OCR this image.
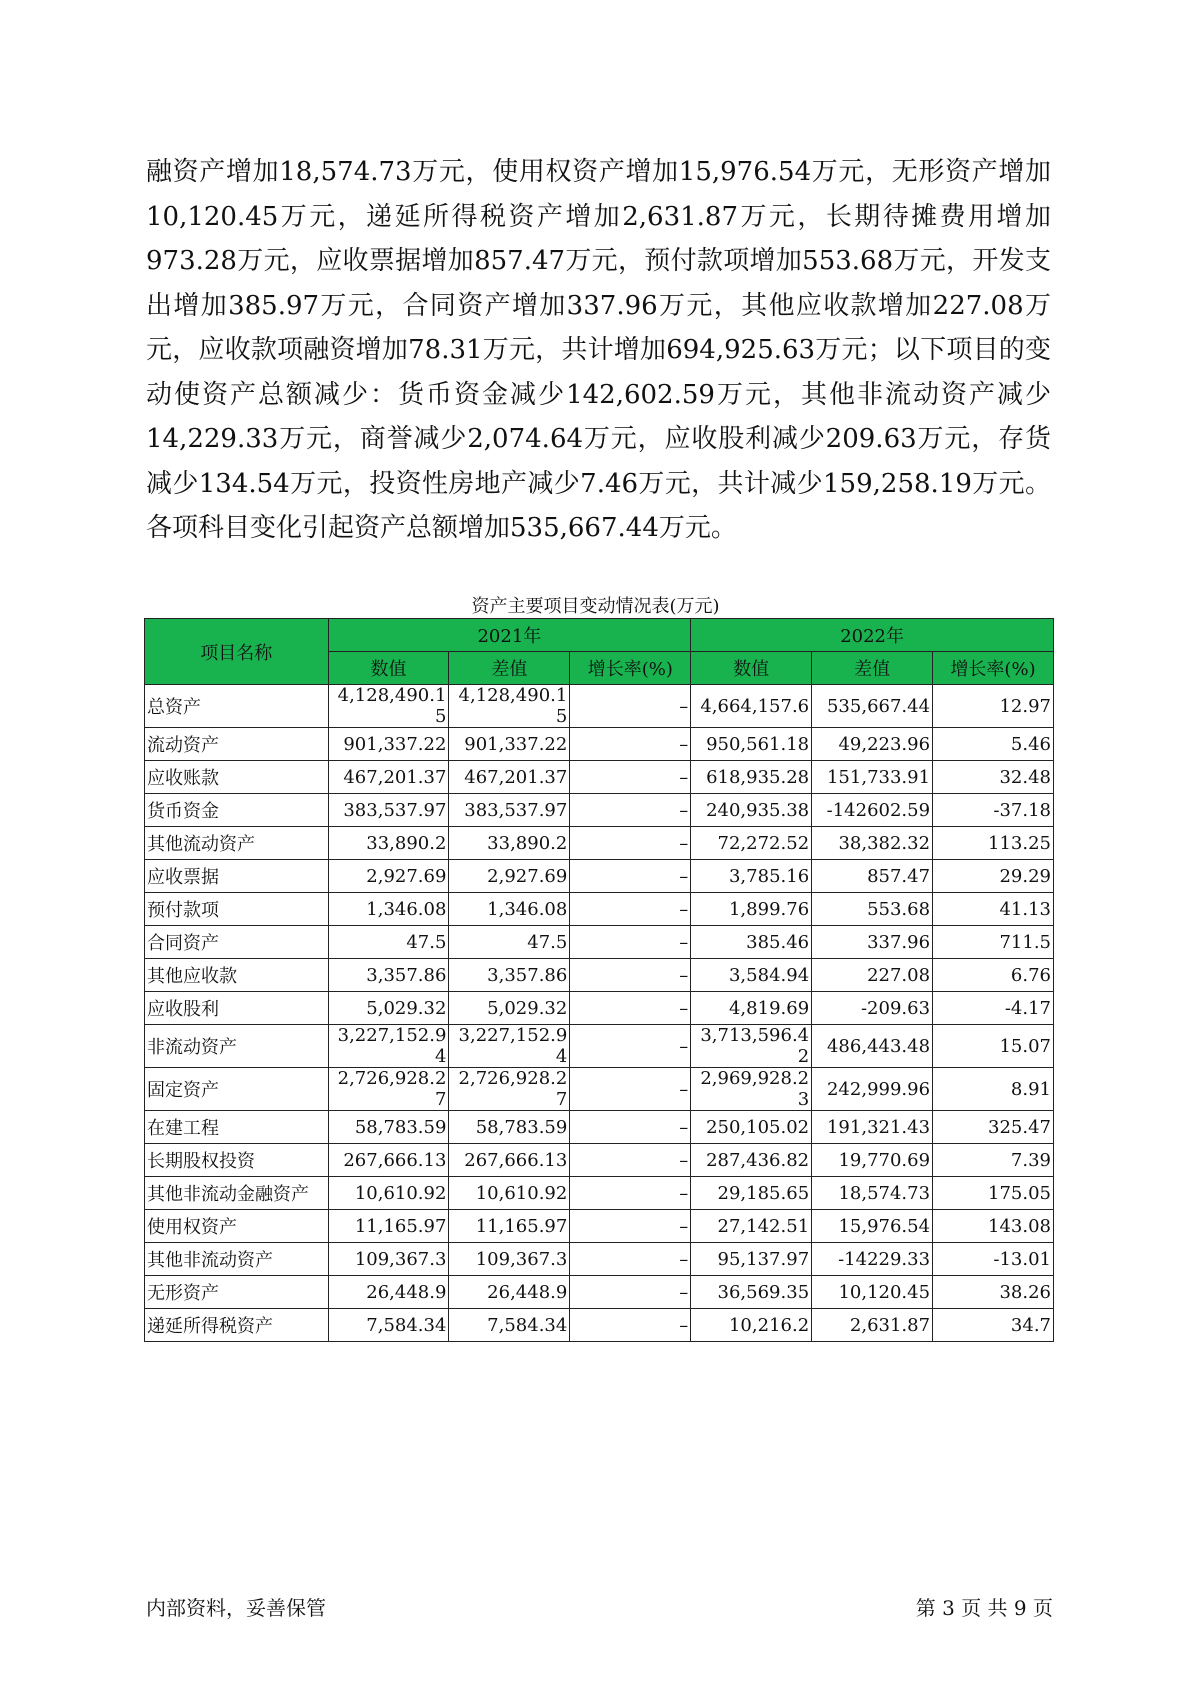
融资产增加18,574.73万元，使用权资产增加15,976.54万元，无形资产增加10,120.45万元，递延所得税资产增加2,631.87万元，长期待摊费用增加973.28万元，应收票据增加857.47万元，预付款项增加553.68万元，开发支出增加385.97万元，合同资产增加337.96万元，其他应收款增加227.08万元，应收款项融资增加78.31万元，共计增加694,925.63万元；以下项目的变动使资产总额减少：货币资金减少142,602.59万元，其他非流动资产减少14,229.33万元，商誉减少2,074.64万元，应收股利减少209.63万元，存货减少134.54万元，投资性房地产减少7.46万元，共计减少159,258.19万元。各项科目变化引起资产总额增加535,667.44万元。

资产主要项目变动情况表(万元)
项目名称	2021年			2022年		
	数值	差值	增长率(%)	数值	差值	增长率(%)
总资产	4,128,490.15	4,128,490.15	–	4,664,157.6	535,667.44	12.97
流动资产	901,337.22	901,337.22	–	950,561.18	49,223.96	5.46
应收账款	467,201.37	467,201.37	–	618,935.28	151,733.91	32.48
货币资金	383,537.97	383,537.97	–	240,935.38	-142602.59	-37.18
其他流动资产	33,890.2	33,890.2	–	72,272.52	38,382.32	113.25
应收票据	2,927.69	2,927.69	–	3,785.16	857.47	29.29
预付款项	1,346.08	1,346.08	–	1,899.76	553.68	41.13
合同资产	47.5	47.5	–	385.46	337.96	711.5
其他应收款	3,357.86	3,357.86	–	3,584.94	227.08	6.76
应收股利	5,029.32	5,029.32	–	4,819.69	-209.63	-4.17
非流动资产	3,227,152.94	3,227,152.94	–	3,713,596.42	486,443.48	15.07
固定资产	2,726,928.27	2,726,928.27	–	2,969,928.23	242,999.96	8.91
在建工程	58,783.59	58,783.59	–	250,105.02	191,321.43	325.47
长期股权投资	267,666.13	267,666.13	–	287,436.82	19,770.69	7.39
其他非流动金融资产	10,610.92	10,610.92	–	29,185.65	18,574.73	175.05
使用权资产	11,165.97	11,165.97	–	27,142.51	15,976.54	143.08
其他非流动资产	109,367.3	109,367.3	–	95,137.97	-14229.33	-13.01
无形资产	26,448.9	26,448.9	–	36,569.35	10,120.45	38.26
递延所得税资产	7,584.34	7,584.34	–	10,216.2	2,631.87	34.7
内部资料，妥善保管	第 3 页 共 9 页
